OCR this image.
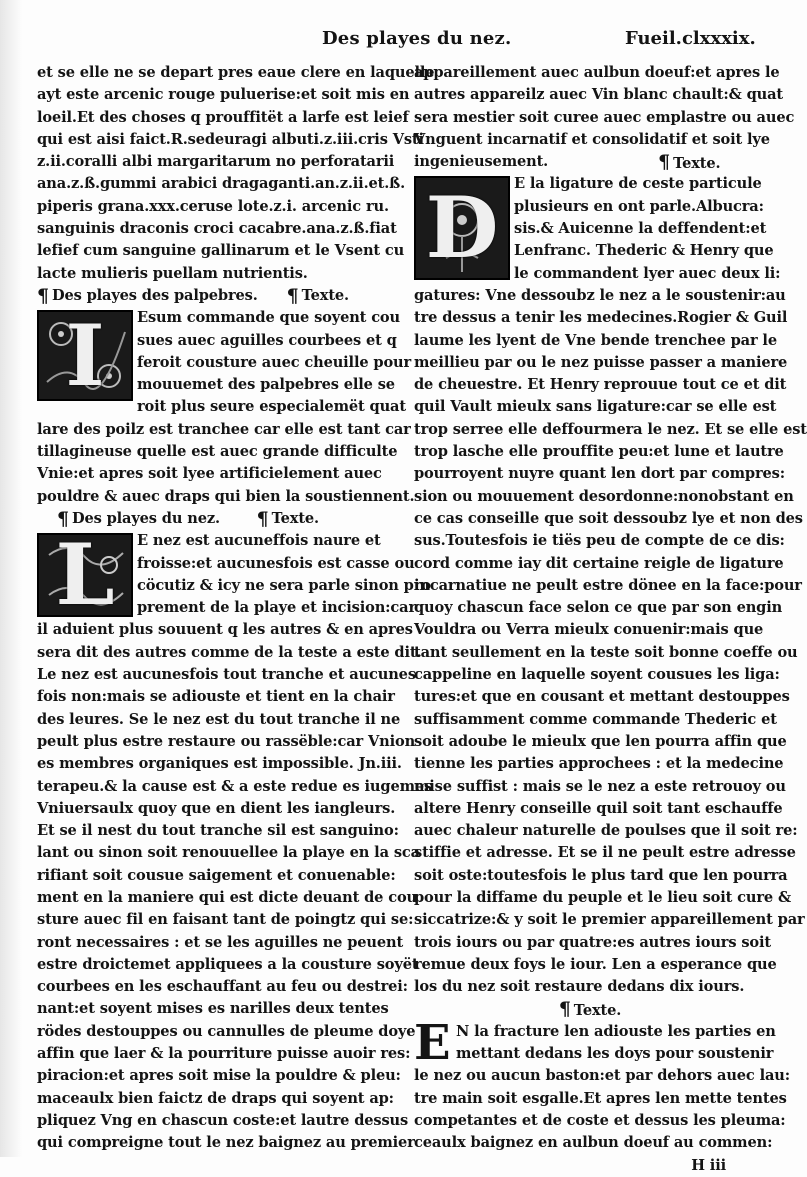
Des playes du nez.	Fueil.clxxxix.
et se elle ne se depart pres eaue clere en laquelle
ayt este arcenic rouge puluerise:et soit mis en
loeil.Et des choses q prouffitët a larfe est leief
qui est aisi faict.R.sedeuragi albuti.z.iii.cris Vsti
z.ii.coralli albi margaritarum no perforatarii
ana.z.ß.gummi arabici dragaganti.an.z.ii.et.ß.
piperis grana.xxx.ceruse lote.z.i. arcenic ru.
sanguinis draconis croci cacabre.ana.z.ß.fiat
lefief cum sanguine gallinarum et le Vsent cu
lacte mulieris puellam nutrientis.
¶ Des playes des palpebres. ¶ Texte.
I	Esum commande que soyent cou
sues auec aguilles courbees et q
feroit cousture auec cheuille pour
mouuemet des palpebres elle se
roit plus seure especialemët quat
lare des poilz est tranchee car elle est tant car
tillagineuse quelle est auec grande difficulte
Vnie:et apres soit lyee artificielement auec
pouldre & auec draps qui bien la soustiennent.
¶ Des playes du nez. ¶ Texte.
L	E nez est aucuneffois naure et
froisse:et aucunesfois est casse ou
cöcutiz & icy ne sera parle sinon pro
prement de la playe et incision:car
il aduient plus souuent q les autres & en apres
sera dit des autres comme de la teste a este dit.
Le nez est aucunesfois tout tranche et aucunes
fois non:mais se adiouste et tient en la chair
des leures. Se le nez est du tout tranche il ne
peult plus estre restaure ou rassëble:car Vnion
es membres organiques est impossible. Jn.iii.
terapeu.& la cause est & a este redue es iugemes
Vniuersaulx quoy que en dient les iangleurs.
Et se il nest du tout tranche sil est sanguino:
lant ou sinon soit renouuellee la playe en la sca
rifiant soit cousue saigement et conuenable:
ment en la maniere qui est dicte deuant de cou
sture auec fil en faisant tant de poingtz qui se:
ront necessaires : et se les aguilles ne peuent
estre droictemet appliquees a la cousture soyët
courbees en les eschauffant au feu ou destrei:
nant:et soyent mises es narilles deux tentes
rödes destouppes ou cannulles de pleume doye
affin que laer & la pourriture puisse auoir res:
piracion:et apres soit mise la pouldre & pleu:
maceaulx bien faictz de draps qui soyent ap:
pliquez Vng en chascun coste:et lautre dessus
qui compreigne tout le nez baignez au premier
appareillement auec aulbun doeuf:et apres le
autres appareilz auec Vin blanc chault:& quat
sera mestier soit curee auec emplastre ou auec
Vnguent incarnatif et consolidatif et soit lye
ingenieusement.	¶ Texte.
D	E la ligature de ceste particule
plusieurs en ont parle.Albucra:
sis.& Auicenne la deffendent:et
Lenfranc. Thederic & Henry que
le commandent lyer auec deux li:
gatures: Vne dessoubz le nez a le soustenir:au
tre dessus a tenir les medecines.Rogier & Guil
laume les lyent de Vne bende trenchee par le
meillieu par ou le nez puisse passer a maniere
de cheuestre. Et Henry reprouue tout ce et dit
quil Vault mieulx sans ligature:car se elle est
trop serree elle deffourmera le nez. Et se elle est
trop lasche elle prouffite peu:et lune et lautre
pourroyent nuyre quant len dort par compres:
sion ou mouuement desordonne:nonobstant en
ce cas conseille que soit dessoubz lye et non des
sus.Toutesfois ie tiës peu de compte de ce dis:
cord comme iay dit certaine reigle de ligature
incarnatiue ne peult estre dönee en la face:pour
quoy chascun face selon ce que par son engin
Vouldra ou Verra mieulx conuenir:mais que
tant seullement en la teste soit bonne coeffe ou
cappeline en laquelle soyent cousues les liga:
tures:et que en cousant et mettant destouppes
suffisamment comme commande Thederic et
soit adoube le mieulx que len pourra affin que
tienne les parties approchees : et la medecine
mise suffist : mais se le nez a este retrouoy ou
altere Henry conseille quil soit tant eschauffe
auec chaleur naturelle de poulses que il soit re:
stiffie et adresse. Et se il ne peult estre adresse
soit oste:toutesfois le plus tard que len pourra
pour la diffame du peuple et le lieu soit cure &
siccatrize:& y soit le premier appareillement par
trois iours ou par quatre:es autres iours soit
remue deux foys le iour. Len a esperance que
los du nez soit restaure dedans dix iours.
¶ Texte.
E N la fracture len adiouste les parties en
mettant dedans les doys pour soustenir
le nez ou aucun baston:et par dehors auec lau:
tre main soit esgalle.Et apres len mette tentes
competantes et de coste et dessus les pleuma:
ceaulx baignez en aulbun doeuf au commen:
H iii
